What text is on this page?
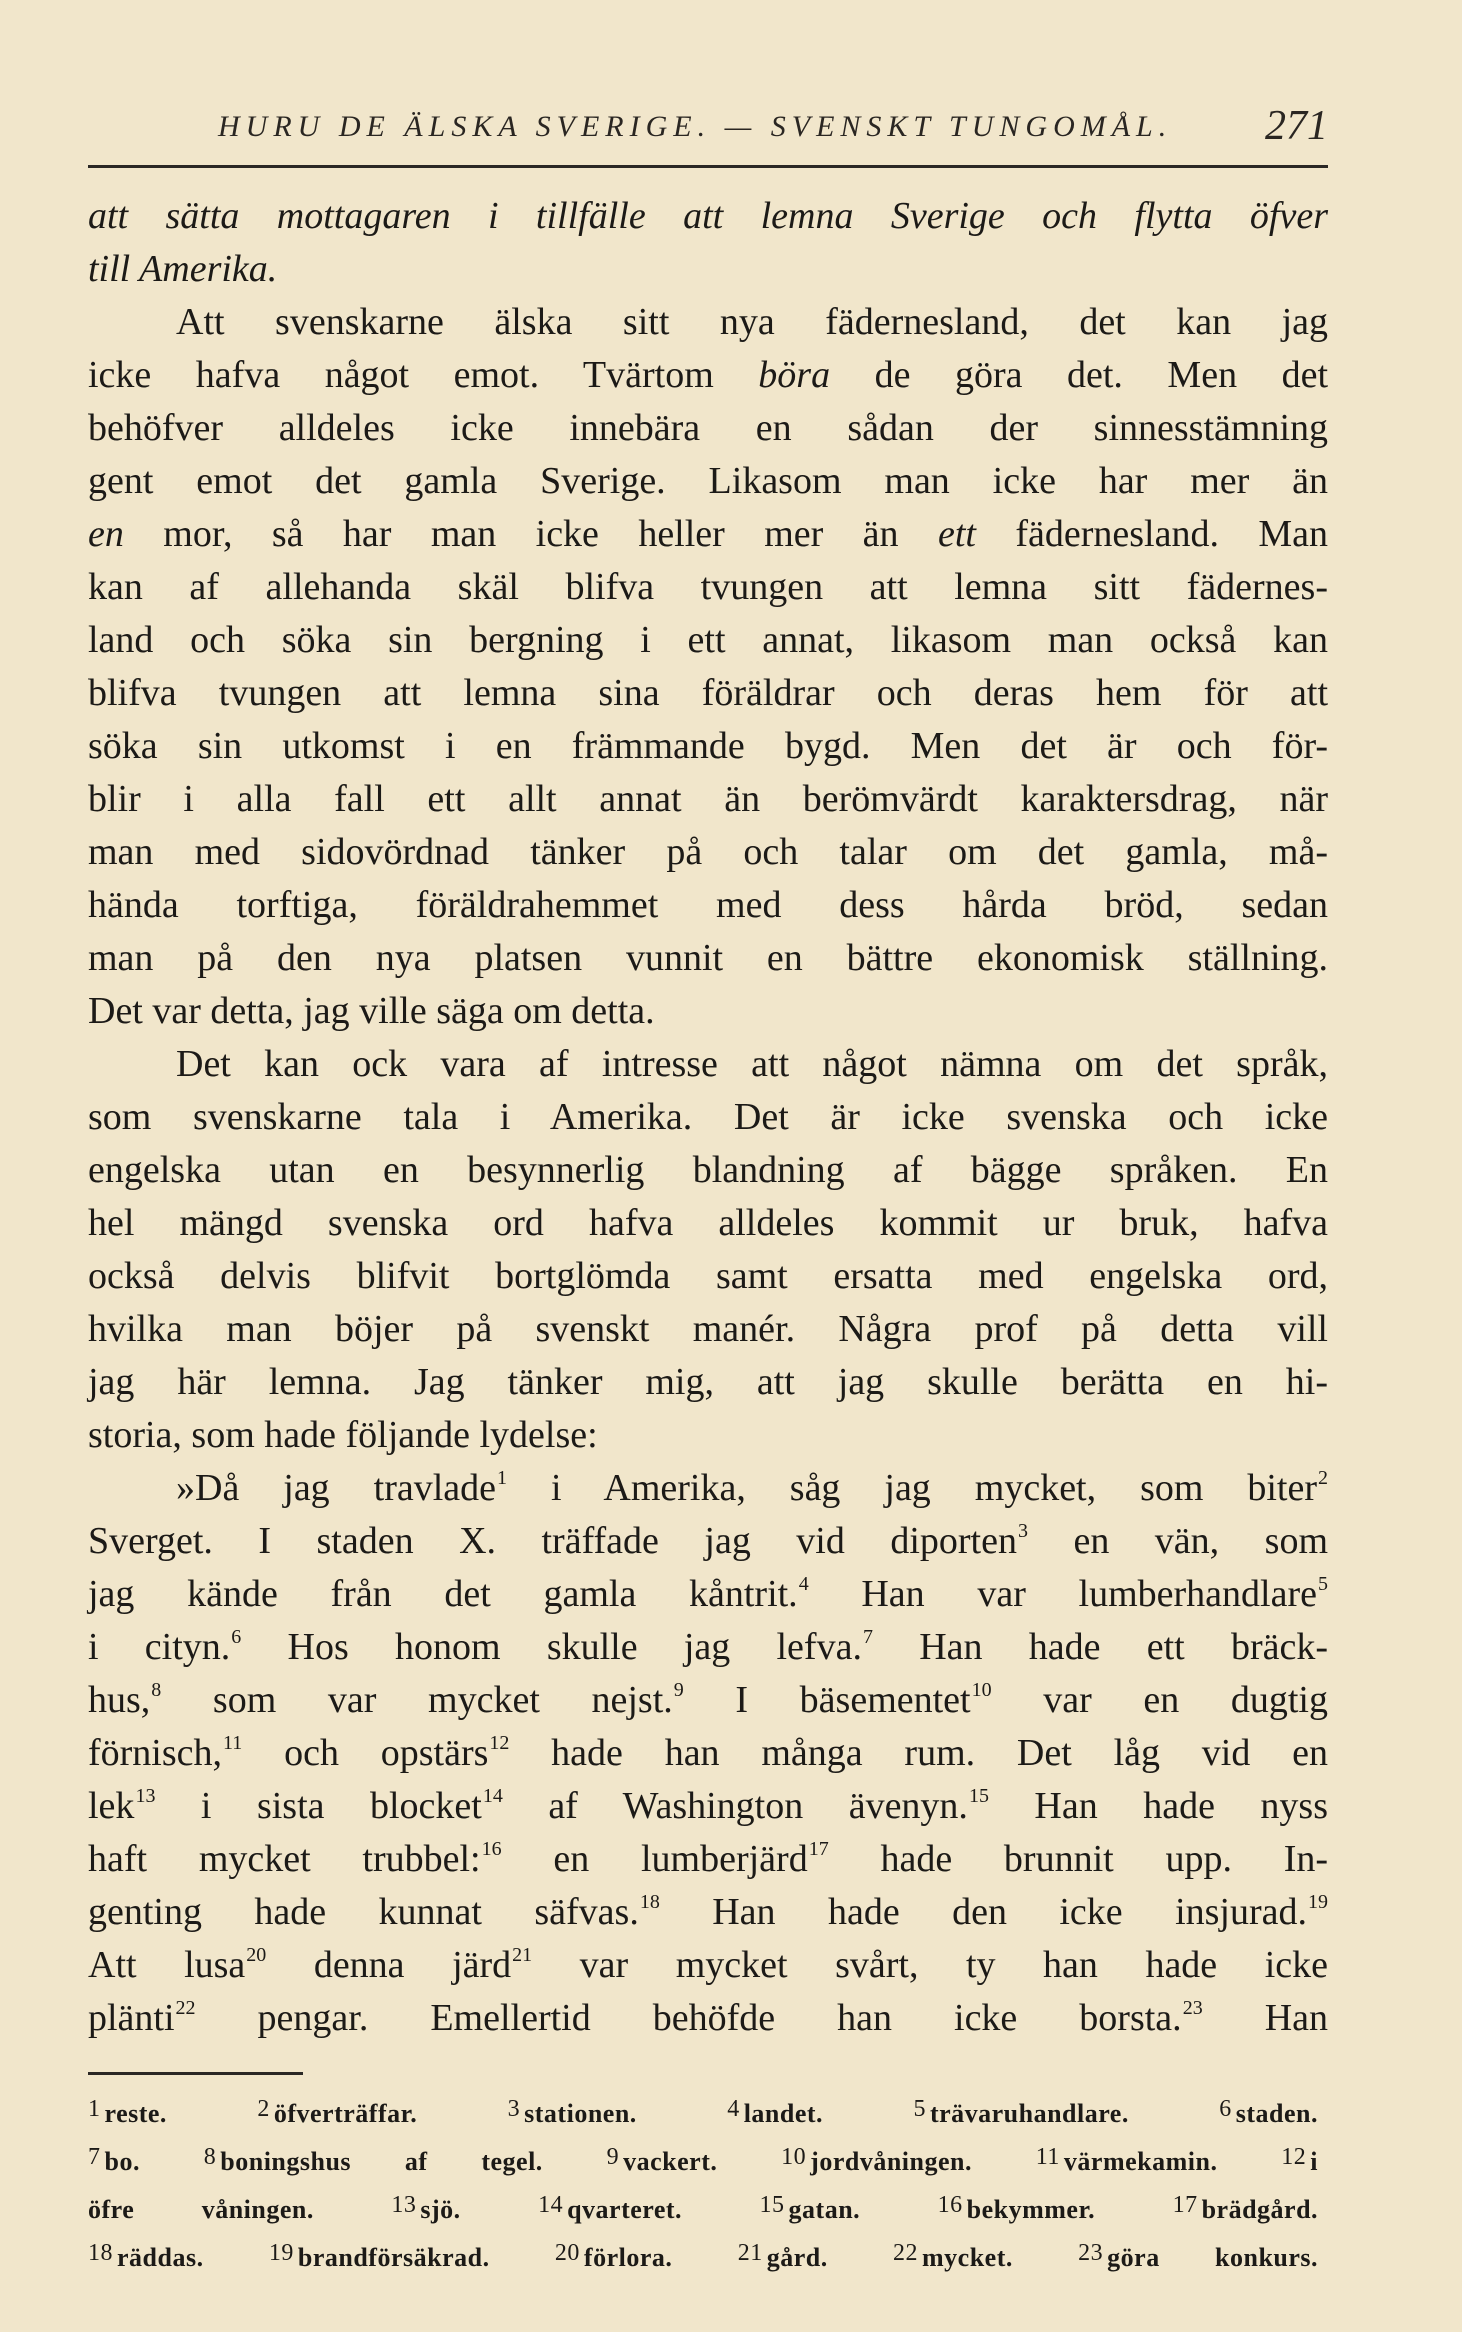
HURU DE ÄLSKA SVERIGE. — SVENSKT TUNGOMÅL. 271
att sätta mottagaren i tillfälle att lemna Sverige och flytta öfver
till Amerika.
Att svenskarne älska sitt nya fädernesland, det kan jag
icke hafva något emot. Tvärtom böra de göra det. Men det
behöfver alldeles icke innebära en sådan der sinnesstämning
gent emot det gamla Sverige. Likasom man icke har mer än
en mor, så har man icke heller mer än ett fädernesland. Man
kan af allehanda skäl blifva tvungen att lemna sitt fädernes-
land och söka sin bergning i ett annat, likasom man också kan
blifva tvungen att lemna sina föräldrar och deras hem för att
söka sin utkomst i en främmande bygd. Men det är och för-
blir i alla fall ett allt annat än berömvärdt karaktersdrag, när
man med sidovördnad tänker på och talar om det gamla, må-
hända torftiga, föräldrahemmet med dess hårda bröd, sedan
man på den nya platsen vunnit en bättre ekonomisk ställning.
Det var detta, jag ville säga om detta.
Det kan ock vara af intresse att något nämna om det språk,
som svenskarne tala i Amerika. Det är icke svenska och icke
engelska utan en besynnerlig blandning af bägge språken. En
hel mängd svenska ord hafva alldeles kommit ur bruk, hafva
också delvis blifvit bortglömda samt ersatta med engelska ord,
hvilka man böjer på svenskt manér. Några prof på detta vill
jag här lemna. Jag tänker mig, att jag skulle berätta en hi-
storia, som hade följande lydelse:
»Då jag travlade$^1$ i Amerika, såg jag mycket, som biter$^2$
Sverget. I staden X. träffade jag vid diporten$^3$ en vän, som
jag kände från det gamla kåntrit.$^4$ Han var lumberhandlare$^5$
i cityn.$^6$ Hos honom skulle jag lefva.$^7$ Han hade ett bräck-
hus,$^8$ som var mycket nejst.$^9$ I bäsementet$^{10}$ var en dugtig
förnisch,$^{11}$ och opstärs$^{12}$ hade han många rum. Det låg vid en
lek$^{13}$ i sista blocket$^{14}$ af Washington ävenyn.$^{15}$ Han hade nyss
haft mycket trubbel:$^{16}$ en lumberjärd$^{17}$ hade brunnit upp. In-
genting hade kunnat säfvas.$^{18}$ Han hade den icke insjurad.$^{19}$
Att lusa$^{20}$ denna järd$^{21}$ var mycket svårt, ty han hade icke
plänti$^{22}$ pengar. Emellertid behöfde han icke borsta.$^{23}$ Han
1 reste.	2 öfverträffar.	3 stationen.	4 landet.	5 trävaruhandlare.	6 staden.
7 bo.	8 boningshus af tegel.	9 vackert.	10 jordvåningen.	11 värmekamin.	12 i
öfre våningen.	13 sjö.	14 qvarteret.	15 gatan.	16 bekymmer.	17 brädgård.
18 räddas.	19 brandförsäkrad.	20 förlora.	21 gård.	22 mycket.	23 göra konkurs.
